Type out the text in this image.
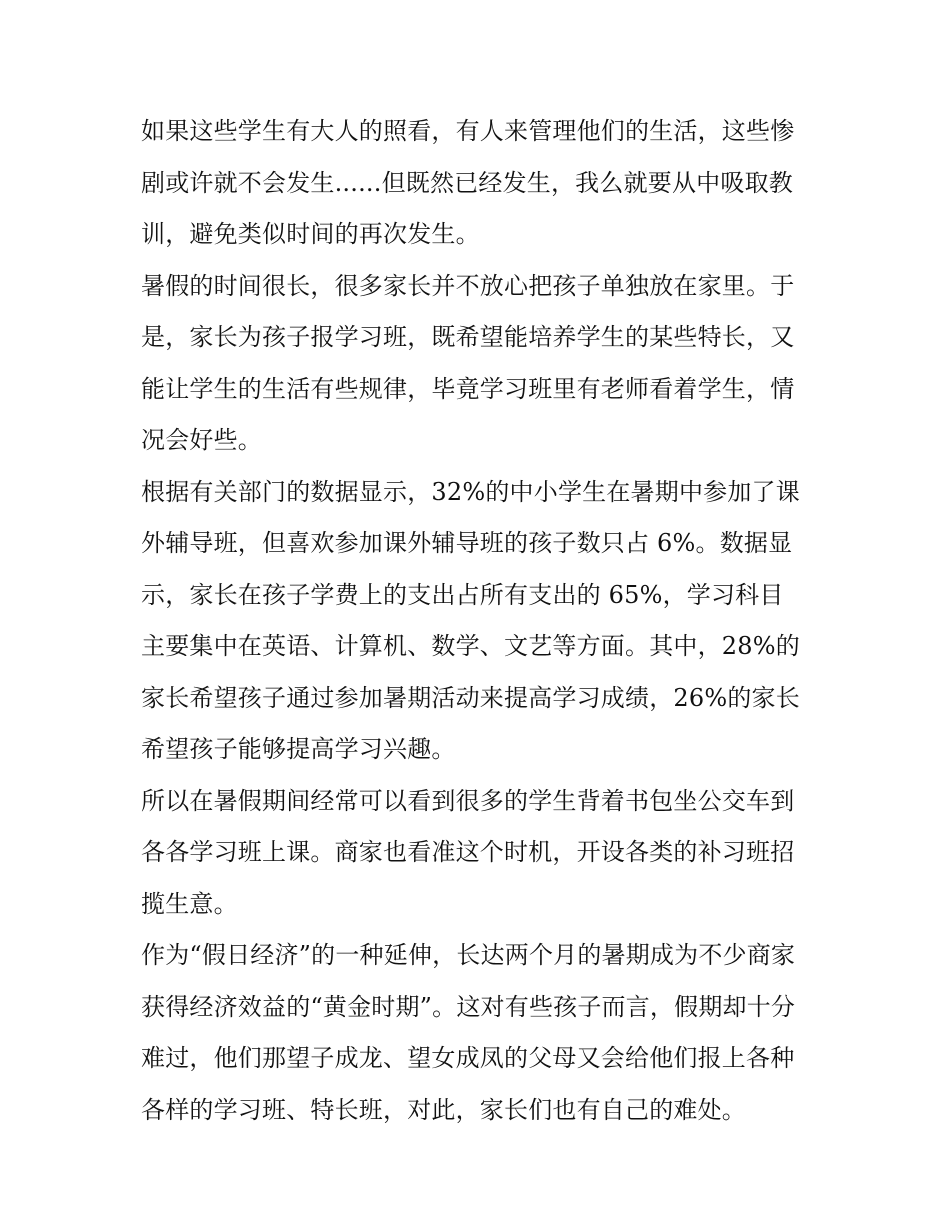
如果这些学生有大人的照看，有人来管理他们的生活，这些惨
剧或许就不会发生......但既然已经发生，我么就要从中吸取教
训，避免类似时间的再次发生。
暑假的时间很长，很多家长并不放心把孩子单独放在家里。于
是，家长为孩子报学习班，既希望能培养学生的某些特长，又
能让学生的生活有些规律，毕竟学习班里有老师看着学生，情
况会好些。
根据有关部门的数据显示，32%的中小学生在暑期中参加了课
外辅导班，但喜欢参加课外辅导班的孩子数只占 6%。数据显
示，家长在孩子学费上的支出占所有支出的 65%，学习科目
主要集中在英语、计算机、数学、文艺等方面。其中，28%的
家长希望孩子通过参加暑期活动来提高学习成绩，26%的家长
希望孩子能够提高学习兴趣。
所以在暑假期间经常可以看到很多的学生背着书包坐公交车到
各各学习班上课。商家也看准这个时机，开设各类的补习班招
揽生意。
作为“假日经济”的一种延伸，长达两个月的暑期成为不少商家
获得经济效益的“黄金时期”。这对有些孩子而言，假期却十分
难过，他们那望子成龙、望女成凤的父母又会给他们报上各种
各样的学习班、特长班，对此，家长们也有自己的难处。
